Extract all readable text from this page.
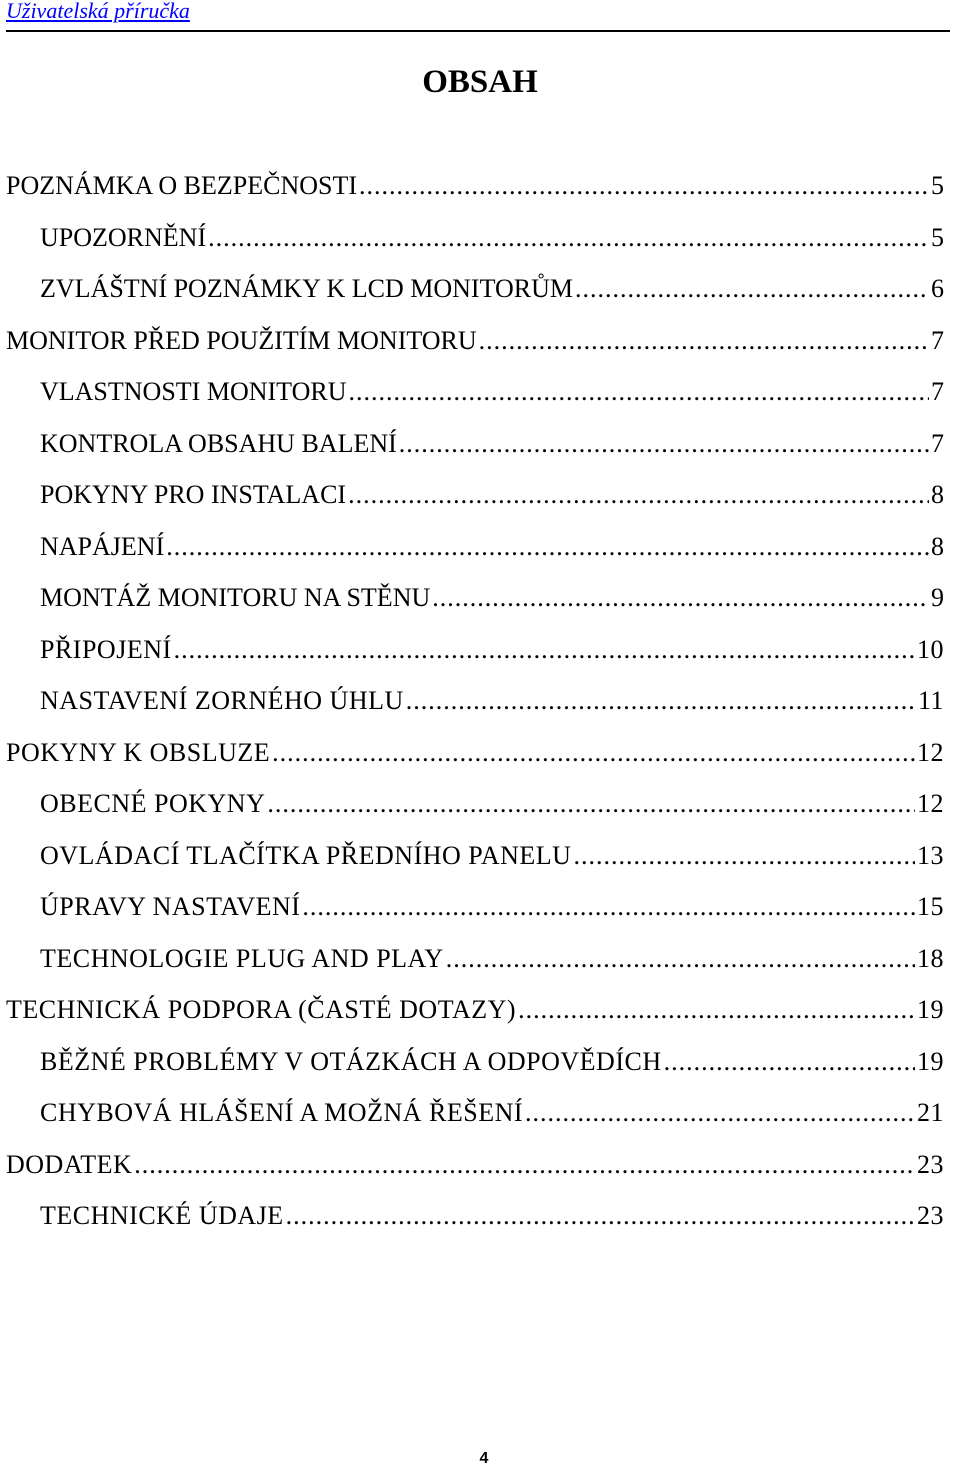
Uživatelská příručka
OBSAH
POZNÁMKA O BEZPEČNOSTI .....	5
UPOZORNĚNÍ .....	5
ZVLÁŠTNÍ POZNÁMKY K LCD MONITORŮM .....	6
MONITOR PŘED POUŽITÍM MONITORU .....	7
VLASTNOSTI MONITORU .....	7
KONTROLA OBSAHU BALENÍ .....	7
POKYNY PRO INSTALACI .....	8
NAPÁJENÍ .....	8
MONTÁŽ MONITORU NA STĚNU .....	9
PŘIPOJENÍ .....	10
NASTAVENÍ ZORNÉHO ÚHLU .....	11
POKYNY K OBSLUZE .....	12
OBECNÉ POKYNY .....	12
OVLÁDACÍ TLAČÍTKA PŘEDNÍHO PANELU .....	13
ÚPRAVY NASTAVENÍ .....	15
TECHNOLOGIE PLUG AND PLAY .....	18
TECHNICKÁ PODPORA (ČASTÉ DOTAZY) .....	19
BĚŽNÉ PROBLÉMY V OTÁZKÁCH A ODPOVĚDÍCH .....	19
CHYBOVÁ HLÁŠENÍ A MOŽNÁ ŘEŠENÍ .....	21
DODATEK .....	23
TECHNICKÉ ÚDAJE .....	23
4
